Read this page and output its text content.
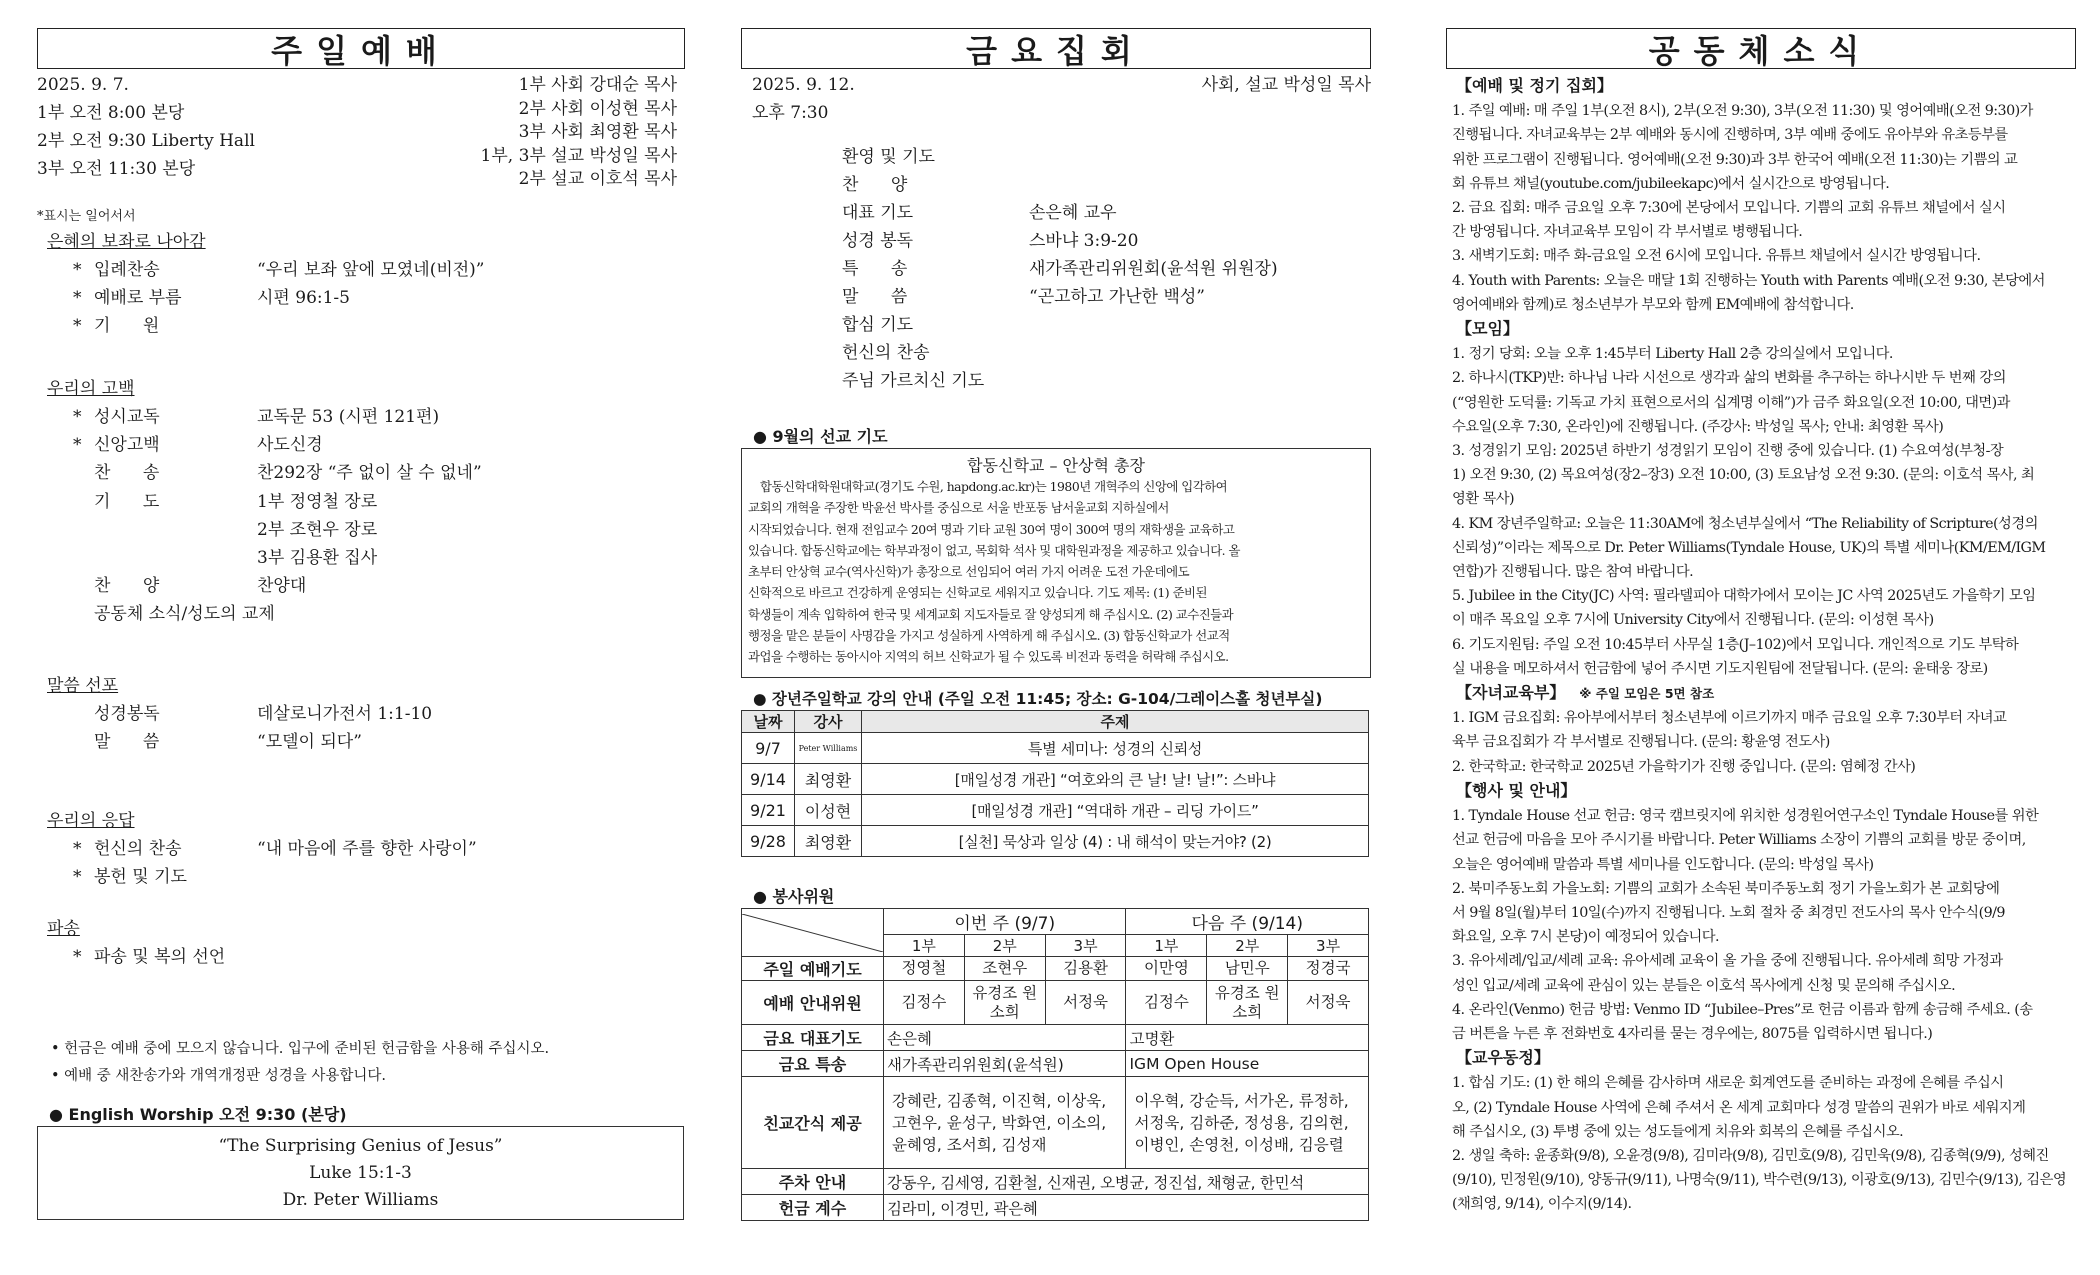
주일예배
2025. 9. 7.
1부 오전 8:00 본당
2부 오전 9:30 Liberty Hall
3부 오전 11:30 본당
1부 사회 강대순 목사
2부 사회 이성현 목사
3부 사회 최영환 목사
1부, 3부 설교 박성일 목사
2부 설교 이호석 목사
*표시는 일어서서
은혜의 보좌로 나아감
* 입례찬송	“우리 보좌 앞에 모였네(비전)”
* 예배로 부름	시편 96:1-5
* 기      원
우리의 고백
* 성시교독	교독문 53 (시편 121편)
* 신앙고백	사도신경
찬      송	찬292장 “주 없이 살 수 없네”
기      도	1부 정영철 장로
2부 조현우 장로
3부 김용환 집사
찬      양	찬양대
공동체 소식/성도의 교제
말씀 선포
성경봉독	데살로니가전서 1:1-10
말      씀	“모델이 되다”
우리의 응답
* 헌신의 찬송	“내 마음에 주를 향한 사랑이”
* 봉헌 및 기도
파송
* 파송 및 복의 선언
• 헌금은 예배 중에 모으지 않습니다. 입구에 준비된 헌금함을 사용해 주십시오.
• 예배 중 새찬송가와 개역개정판 성경을 사용합니다.
● English Worship 오전 9:30 (본당)
“The Surprising Genius of Jesus”
Luke 15:1-3
Dr. Peter Williams
금요집회
2025. 9. 12.
오후 7:30
사회, 설교 박성일 목사
환영 및 기도
찬      양
대표 기도	손은혜 교우
성경 봉독	스바냐 3:9-20
특      송	새가족관리위원회(윤석원 위원장)
말      씀	“곤고하고 가난한 백성”
합심 기도
헌신의 찬송
주님 가르치신 기도
● 9월의 선교 기도
합동신학교 – 안상혁 총장
합동신학대학원대학교(경기도 수원, hapdong.ac.kr)는 1980년 개혁주의 신앙에 입각하여
교회의 개혁을 주장한 박윤선 박사를 중심으로 서울 반포동 남서울교회 지하실에서
시작되었습니다. 현재 전임교수 20여 명과 기타 교원 30여 명이 300여 명의 재학생을 교육하고
있습니다. 합동신학교에는 학부과정이 없고, 목회학 석사 및 대학원과정을 제공하고 있습니다. 올
초부터 안상혁 교수(역사신학)가 총장으로 선임되어 여러 가지 어려운 도전 가운데에도
신학적으로 바르고 건강하게 운영되는 신학교로 세워지고 있습니다. 기도 제목: (1) 준비된
학생들이 계속 입학하여 한국 및 세계교회 지도자들로 잘 양성되게 해 주십시오. (2) 교수진들과
행정을 맡은 분들이 사명감을 가지고 성실하게 사역하게 해 주십시오. (3) 합동신학교가 선교적
과업을 수행하는 동아시아 지역의 허브 신학교가 될 수 있도록 비전과 동력을 허락해 주십시오.
● 장년주일학교 강의 안내 (주일 오전 11:45; 장소: G-104/그레이스홀 청년부실)
날짜	강사	주제
9/7	Peter Williams	특별 세미나: 성경의 신뢰성
9/14	최영환	[매일성경 개관] “여호와의 큰 날! 날! 날!”: 스바냐
9/21	이성현	[매일성경 개관] “역대하 개관 – 리딩 가이드”
9/28	최영환	[실천] 묵상과 일상 (4) : 내 해석이 맞는거야? (2)
● 봉사위원
	이번 주 (9/7)			다음 주 (9/14)		
	1부	2부	3부	1부	2부	3부
주일 예배기도	정영철	조현우	김용환	이만영	남민우	정경국
예배 안내위원	김정수	유경조 원소희	서정욱	김정수	유경조 원소희	서정욱
금요 대표기도	손은혜			고명환		
금요 특송	새가족관리위원회(윤석원)			IGM Open House		
친교간식 제공	강혜란, 김종혁, 이진혁, 이상욱, 고현우, 윤성구, 박화연, 이소의, 윤혜영, 조서희, 김성재			이우혁, 강순득, 서가온, 류정하, 서정욱, 김하준, 정성용, 김의현, 이병인, 손영천, 이성배, 김응렬		
주차 안내	강동우, 김세영, 김환철, 신재권, 오병균, 정진섭, 채형균, 한민석					
헌금 계수	김라미, 이경민, 곽은혜					
공동체소식
【예배 및 정기 집회】
1. 주일 예배: 매 주일 1부(오전 8시), 2부(오전 9:30), 3부(오전 11:30) 및 영어예배(오전 9:30)가
진행됩니다. 자녀교육부는 2부 예배와 동시에 진행하며, 3부 예배 중에도 유아부와 유초등부를
위한 프로그램이 진행됩니다. 영어예배(오전 9:30)과 3부 한국어 예배(오전 11:30)는 기쁨의 교
회 유튜브 채널(youtube.com/jubileekapc)에서 실시간으로 방영됩니다.
2. 금요 집회: 매주 금요일 오후 7:30에 본당에서 모입니다. 기쁨의 교회 유튜브 채널에서 실시
간 방영됩니다. 자녀교육부 모임이 각 부서별로 병행됩니다.
3. 새벽기도회: 매주 화-금요일 오전 6시에 모입니다. 유튜브 채널에서 실시간 방영됩니다.
4. Youth with Parents: 오늘은 매달 1회 진행하는 Youth with Parents 예배(오전 9:30, 본당에서
영어예배와 함께)로 청소년부가 부모와 함께 EM예배에 참석합니다.
【모임】
1. 정기 당회: 오늘 오후 1:45부터 Liberty Hall 2층 강의실에서 모입니다.
2. 하나시(TKP)반: 하나님 나라 시선으로 생각과 삶의 변화를 추구하는 하나시반 두 번째 강의
(“영원한 도덕률: 기독교 가치 표현으로서의 십계명 이해”)가 금주 화요일(오전 10:00, 대면)과
수요일(오후 7:30, 온라인)에 진행됩니다. (주강사: 박성일 목사; 안내: 최영환 목사)
3. 성경읽기 모임: 2025년 하반기 성경읽기 모임이 진행 중에 있습니다. (1) 수요여성(부청-장
1) 오전 9:30, (2) 목요여성(장2–장3) 오전 10:00, (3) 토요남성 오전 9:30. (문의: 이호석 목사, 최
영환 목사)
4. KM 장년주일학교: 오늘은 11:30AM에 청소년부실에서 “The Reliability of Scripture(성경의
신뢰성)”이라는 제목으로 Dr. Peter Williams(Tyndale House, UK)의 특별 세미나(KM/EM/IGM
연합)가 진행됩니다. 많은 참여 바랍니다.
5. Jubilee in the City(JC) 사역: 필라델피아 대학가에서 모이는 JC 사역 2025년도 가을학기 모임
이 매주 목요일 오후 7시에 University City에서 진행됩니다. (문의: 이성현 목사)
6. 기도지원팀: 주일 오전 10:45부터 사무실 1층(J–102)에서 모입니다. 개인적으로 기도 부탁하
실 내용을 메모하셔서 헌금함에 넣어 주시면 기도지원팀에 전달됩니다. (문의: 윤태웅 장로)
【자녀교육부】 ※ 주일 모임은 5면 참조
1. IGM 금요집회: 유아부에서부터 청소년부에 이르기까지 매주 금요일 오후 7:30부터 자녀교
육부 금요집회가 각 부서별로 진행됩니다. (문의: 황윤영 전도사)
2. 한국학교: 한국학교 2025년 가을학기가 진행 중입니다. (문의: 염혜정 간사)
【행사 및 안내】
1. Tyndale House 선교 헌금: 영국 캠브릿지에 위치한 성경원어연구소인 Tyndale House를 위한
선교 헌금에 마음을 모아 주시기를 바랍니다. Peter Williams 소장이 기쁨의 교회를 방문 중이며,
오늘은 영어예배 말씀과 특별 세미나를 인도합니다. (문의: 박성일 목사)
2. 북미주동노회 가을노회: 기쁨의 교회가 소속된 북미주동노회 정기 가을노회가 본 교회당에
서 9월 8일(월)부터 10일(수)까지 진행됩니다. 노회 절차 중 최경민 전도사의 목사 안수식(9/9
화요일, 오후 7시 본당)이 예정되어 있습니다.
3. 유아세례/입교/세례 교육: 유아세례 교육이 올 가을 중에 진행됩니다. 유아세례 희망 가정과
성인 입교/세례 교육에 관심이 있는 분들은 이호석 목사에게 신청 및 문의해 주십시오.
4. 온라인(Venmo) 헌금 방법: Venmo ID “Jubilee–Pres”로 헌금 이름과 함께 송금해 주세요. (송
금 버튼을 누른 후 전화번호 4자리를 묻는 경우에는, 8075를 입력하시면 됩니다.)
【교우동정】
1. 합심 기도: (1) 한 해의 은혜를 감사하며 새로운 회계연도를 준비하는 과정에 은혜를 주십시
오, (2) Tyndale House 사역에 은혜 주셔서 온 세계 교회마다 성경 말씀의 권위가 바로 세워지게
해 주십시오, (3) 투병 중에 있는 성도들에게 치유와 회복의 은혜를 주십시오.
2. 생일 축하: 윤종화(9/8), 오윤경(9/8), 김미라(9/8), 김민호(9/8), 김민욱(9/8), 김종혁(9/9), 성혜진
(9/10), 민정원(9/10), 양동규(9/11), 나명숙(9/11), 박수련(9/13), 이광호(9/13), 김민수(9/13), 김은영
(채희영, 9/14), 이수지(9/14).
